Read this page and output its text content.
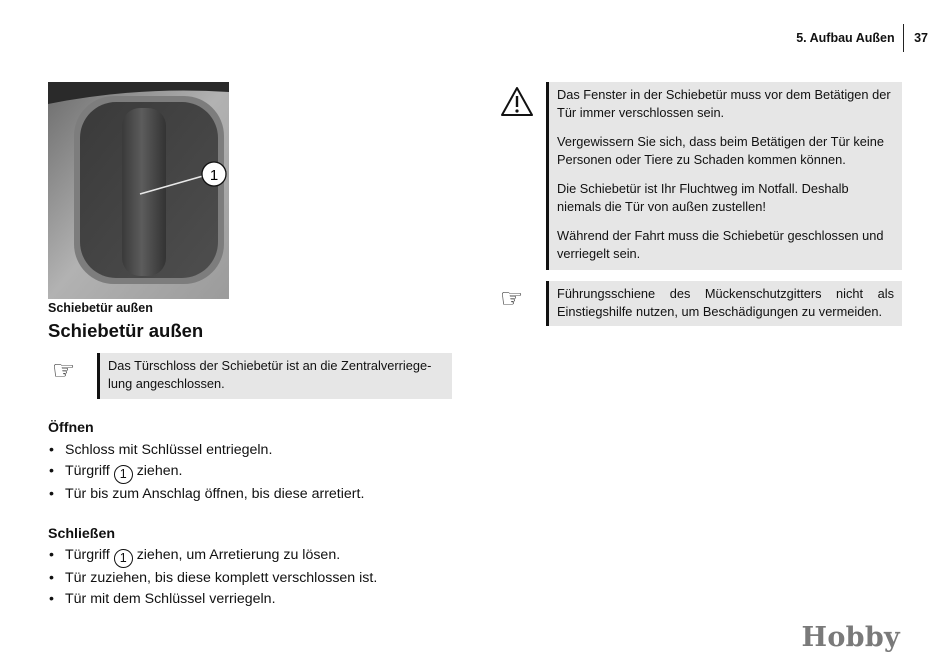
5. Aufbau Außen 37
1
Schiebetür außen
Schiebetür außen
☞	Das Türschloss der Schiebetür ist an die Zentralverriege-lung angeschlossen.

Öffnen
• Schloss mit Schlüssel entriegeln.
• Türgriff 1 ziehen.
• Tür bis zum Anschlag öffnen, bis diese arretiert.
Schließen
• Türgriff 1 ziehen, um Arretierung zu lösen.
• Tür zuziehen, bis diese komplett verschlossen ist.
• Tür mit dem Schlüssel verriegeln.

Das Fenster in der Schiebetür muss vor dem Betätigen der Tür immer verschlossen sein.

Vergewissern Sie sich, dass beim Betätigen der Tür keine Personen oder Tiere zu Schaden kommen können.

Die Schiebetür ist Ihr Fluchtweg im Notfall. Deshalb niemals die Tür von außen zustellen!

Während der Fahrt muss die Schiebetür geschlossen und verriegelt sein.

☞	Führungsschiene des Mückenschutzgitters nicht als Einstiegshilfe nutzen, um Beschädigungen zu vermeiden.

Hobby
